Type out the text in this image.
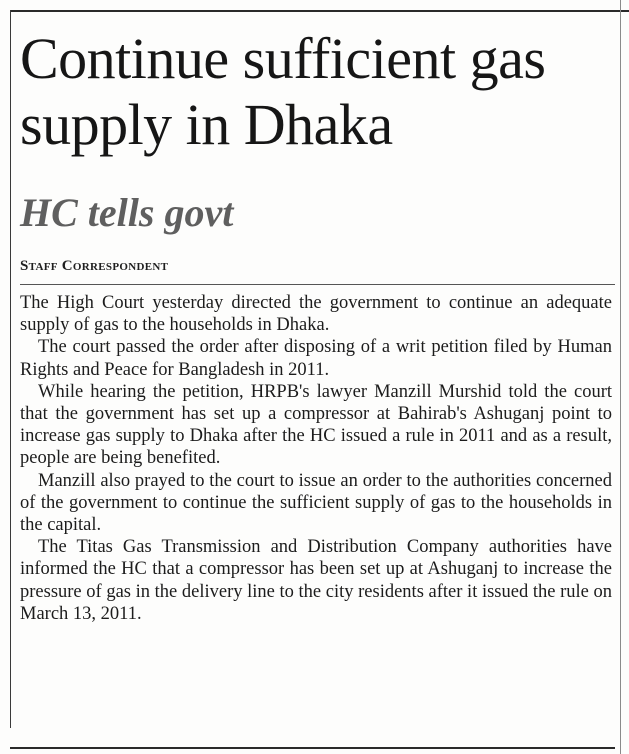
Continue sufficient gas supply in Dhaka
HC tells govt
Staff Correspondent

The High Court yesterday directed the government to continue an adequate supply of gas to the households in Dhaka.

The court passed the order after disposing of a writ petition filed by Human Rights and Peace for Bangladesh in 2011.

While hearing the petition, HRPB's lawyer Manzill Murshid told the court that the government has set up a compressor at Bahirab's Ashuganj point to increase gas supply to Dhaka after the HC issued a rule in 2011 and as a result, people are being benefited.

Manzill also prayed to the court to issue an order to the authorities concerned of the government to continue the sufficient supply of gas to the households in the capital.

The Titas Gas Transmission and Distribution Company authorities have informed the HC that a compressor has been set up at Ashuganj to increase the pressure of gas in the delivery line to the city residents after it issued the rule on March 13, 2011.
